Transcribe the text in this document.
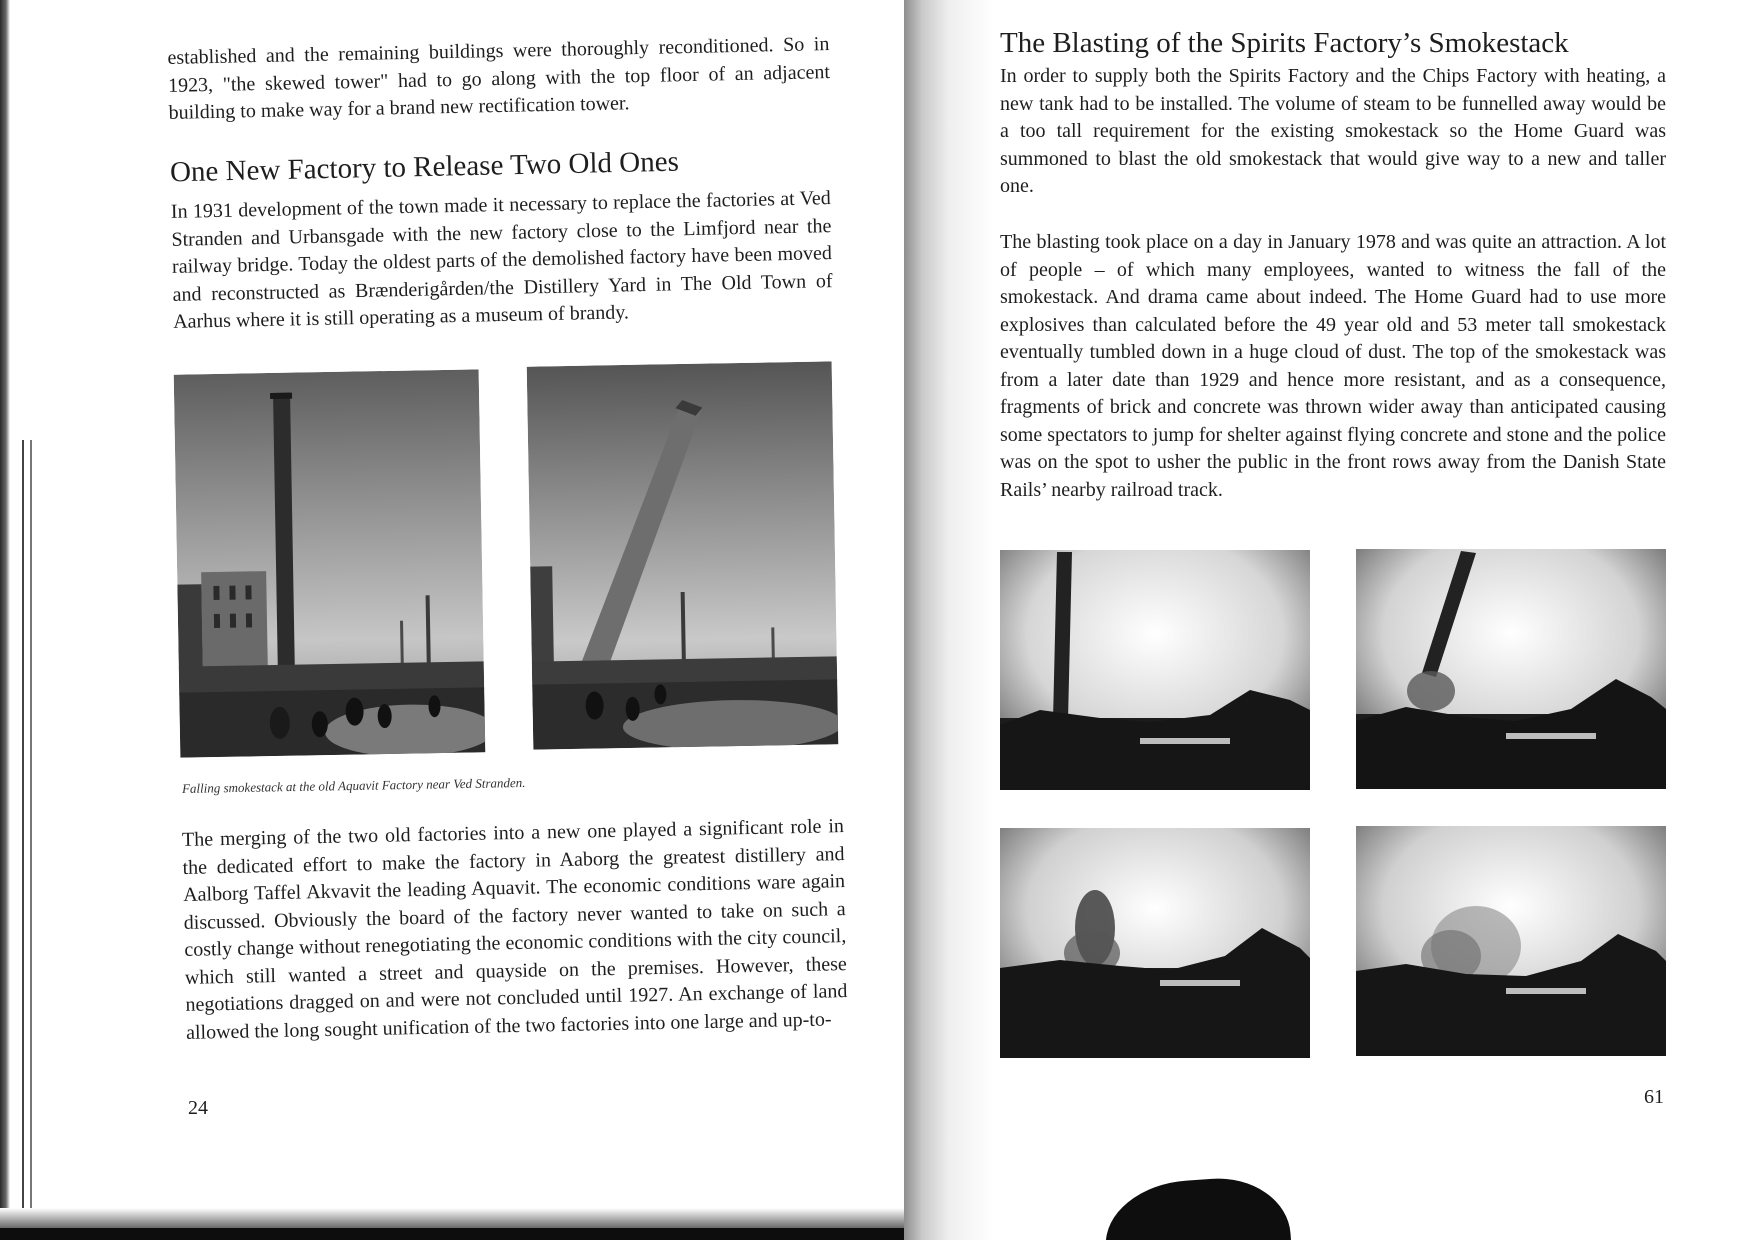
established and the remaining buildings were thoroughly reconditioned. So in 1923, "the skewed tower" had to go along with the top floor of an adjacent building to make way for a brand new rectification tower.

One New Factory to Release Two Old Ones

In 1931 development of the town made it necessary to replace the factories at Ved Stranden and Urbansgade with the new factory close to the Limfjord near the railway bridge. Today the oldest parts of the demolished factory have been moved and reconstructed as Brænderigården/the Distillery Yard in The Old Town of Aarhus where it is still operating as a museum of brandy.

Falling smokestack at the old Aquavit Factory near Ved Stranden.

The merging of the two old factories into a new one played a significant role in the dedicated effort to make the factory in Aaborg the greatest distillery and Aalborg Taffel Akvavit the leading Aquavit. The economic conditions ware again discussed. Obviously the board of the factory never wanted to take on such a costly change without renegotiating the economic conditions with the city council, which still wanted a street and quayside on the premises. However, these negotiations dragged on and were not concluded until 1927. An exchange of land allowed the long sought unification of the two factories into one large and up-to-

24

The Blasting of the Spirits Factory’s Smokestack

In order to supply both the Spirits Factory and the Chips Factory with heating, a new tank had to be installed. The volume of steam to be funnelled away would be a too tall requirement for the existing smokestack so the Home Guard was summoned to blast the old smokestack that would give way to a new and taller one.

The blasting took place on a day in January 1978 and was quite an attraction. A lot of people – of which many employees, wanted to witness the fall of the smokestack. And drama came about indeed. The Home Guard had to use more explosives than calculated before the 49 year old and 53 meter tall smokestack eventually tumbled down in a huge cloud of dust. The top of the smokestack was from a later date than 1929 and hence more resistant, and as a consequence, fragments of brick and concrete was thrown wider away than anticipated causing some spectators to jump for shelter against flying concrete and stone and the police was on the spot to usher the public in the front rows away from the Danish State Rails’ nearby railroad track.

61
